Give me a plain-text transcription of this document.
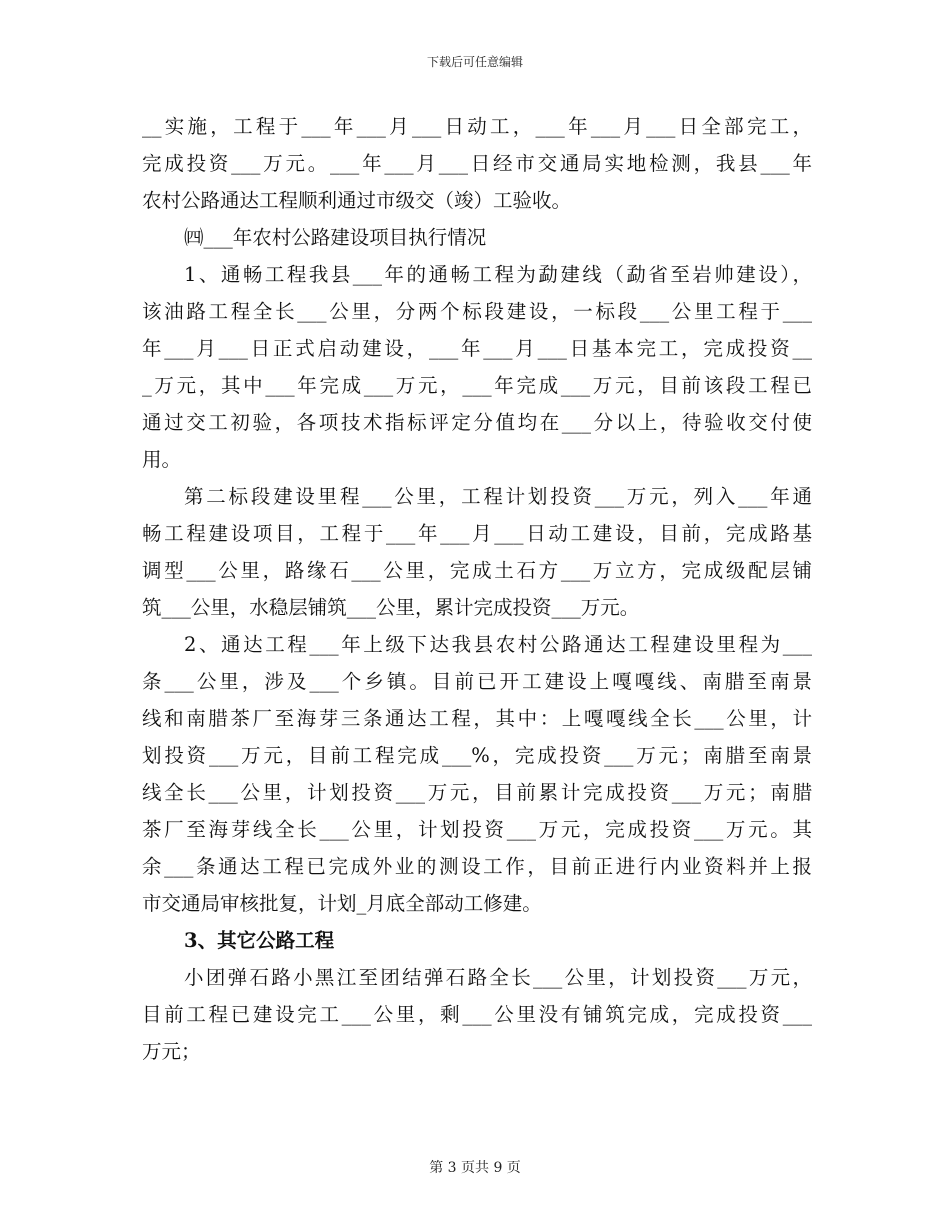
下载后可任意编辑
__实施，工程于___年___月___日动工，___年___月___日全部完工，
完成投资___万元。___年___月___日经市交通局实地检测，我县___年
农村公路通达工程顺利通过市级交（竣）工验收。
㈣___年农村公路建设项目执行情况
1、通畅工程我县___年的通畅工程为勐建线（勐省至岩帅建设），
该油路工程全长___公里，分两个标段建设，一标段___公里工程于___
年___月___日正式启动建设，___年___月___日基本完工，完成投资__
_万元，其中___年完成___万元，___年完成___万元，目前该段工程已
通过交工初验，各项技术指标评定分值均在___分以上，待验收交付使
用。
第二标段建设里程___公里，工程计划投资___万元，列入___年通
畅工程建设项目，工程于___年___月___日动工建设，目前，完成路基
调型___公里，路缘石___公里，完成土石方___万立方，完成级配层铺
筑___公里，水稳层铺筑___公里，累计完成投资___万元。
2、通达工程___年上级下达我县农村公路通达工程建设里程为___
条___公里，涉及___个乡镇。目前已开工建设上嘎嘎线、南腊至南景
线和南腊茶厂至海芽三条通达工程，其中：上嘎嘎线全长___公里，计
划投资___万元，目前工程完成___%，完成投资___万元；南腊至南景
线全长___公里，计划投资___万元，目前累计完成投资___万元；南腊
茶厂至海芽线全长___公里，计划投资___万元，完成投资___万元。其
余___条通达工程已完成外业的测设工作，目前正进行内业资料并上报
市交通局审核批复，计划_月底全部动工修建。
3、其它公路工程
小团弹石路小黑江至团结弹石路全长___公里，计划投资___万元，
目前工程已建设完工___公里，剩___公里没有铺筑完成，完成投资___
万元；
第 3 页共 9 页
